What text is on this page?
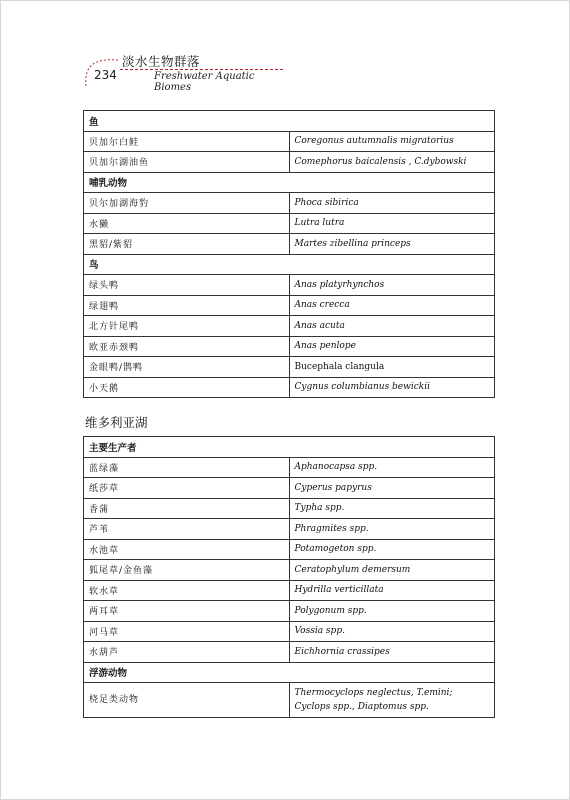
234
淡水生物群落
Freshwater Aquatic Biomes
鱼	
贝加尔白鲑	Coregonus autumnalis migratorius
贝加尔湖油鱼	Comephorus baicalensis , C.dybowski
哺乳动物	
贝尔加湖海豹	Phoca sibirica
水獭	Lutra lutra
黑貂/紫貂	Martes zibellina princeps
鸟	
绿头鸭	Anas platyrhynchos
绿翅鸭	Anas crecca
北方针尾鸭	Anas acuta
欧亚赤颈鸭	Anas penlope
金眼鸭/鹊鸭	Bucephala clangula
小天鹅	Cygnus columbianus bewickii
维多利亚湖
主要生产者	
蓝绿藻	Aphanocapsa spp.
纸莎草	Cyperus papyrus
香蒲	Typha spp.
芦苇	Phragmites spp.
水池草	Potamogeton spp.
狐尾草/金鱼藻	Ceratophylum demersum
软水草	Hydrilla verticillata
两耳草	Polygonum spp.
河马草	Vossia spp.
水葫芦	Eichhornia crassipes
浮游动物	
桡足类动物	Thermocyclops neglectus, T.emini; Cyclops spp., Diaptomus spp.
